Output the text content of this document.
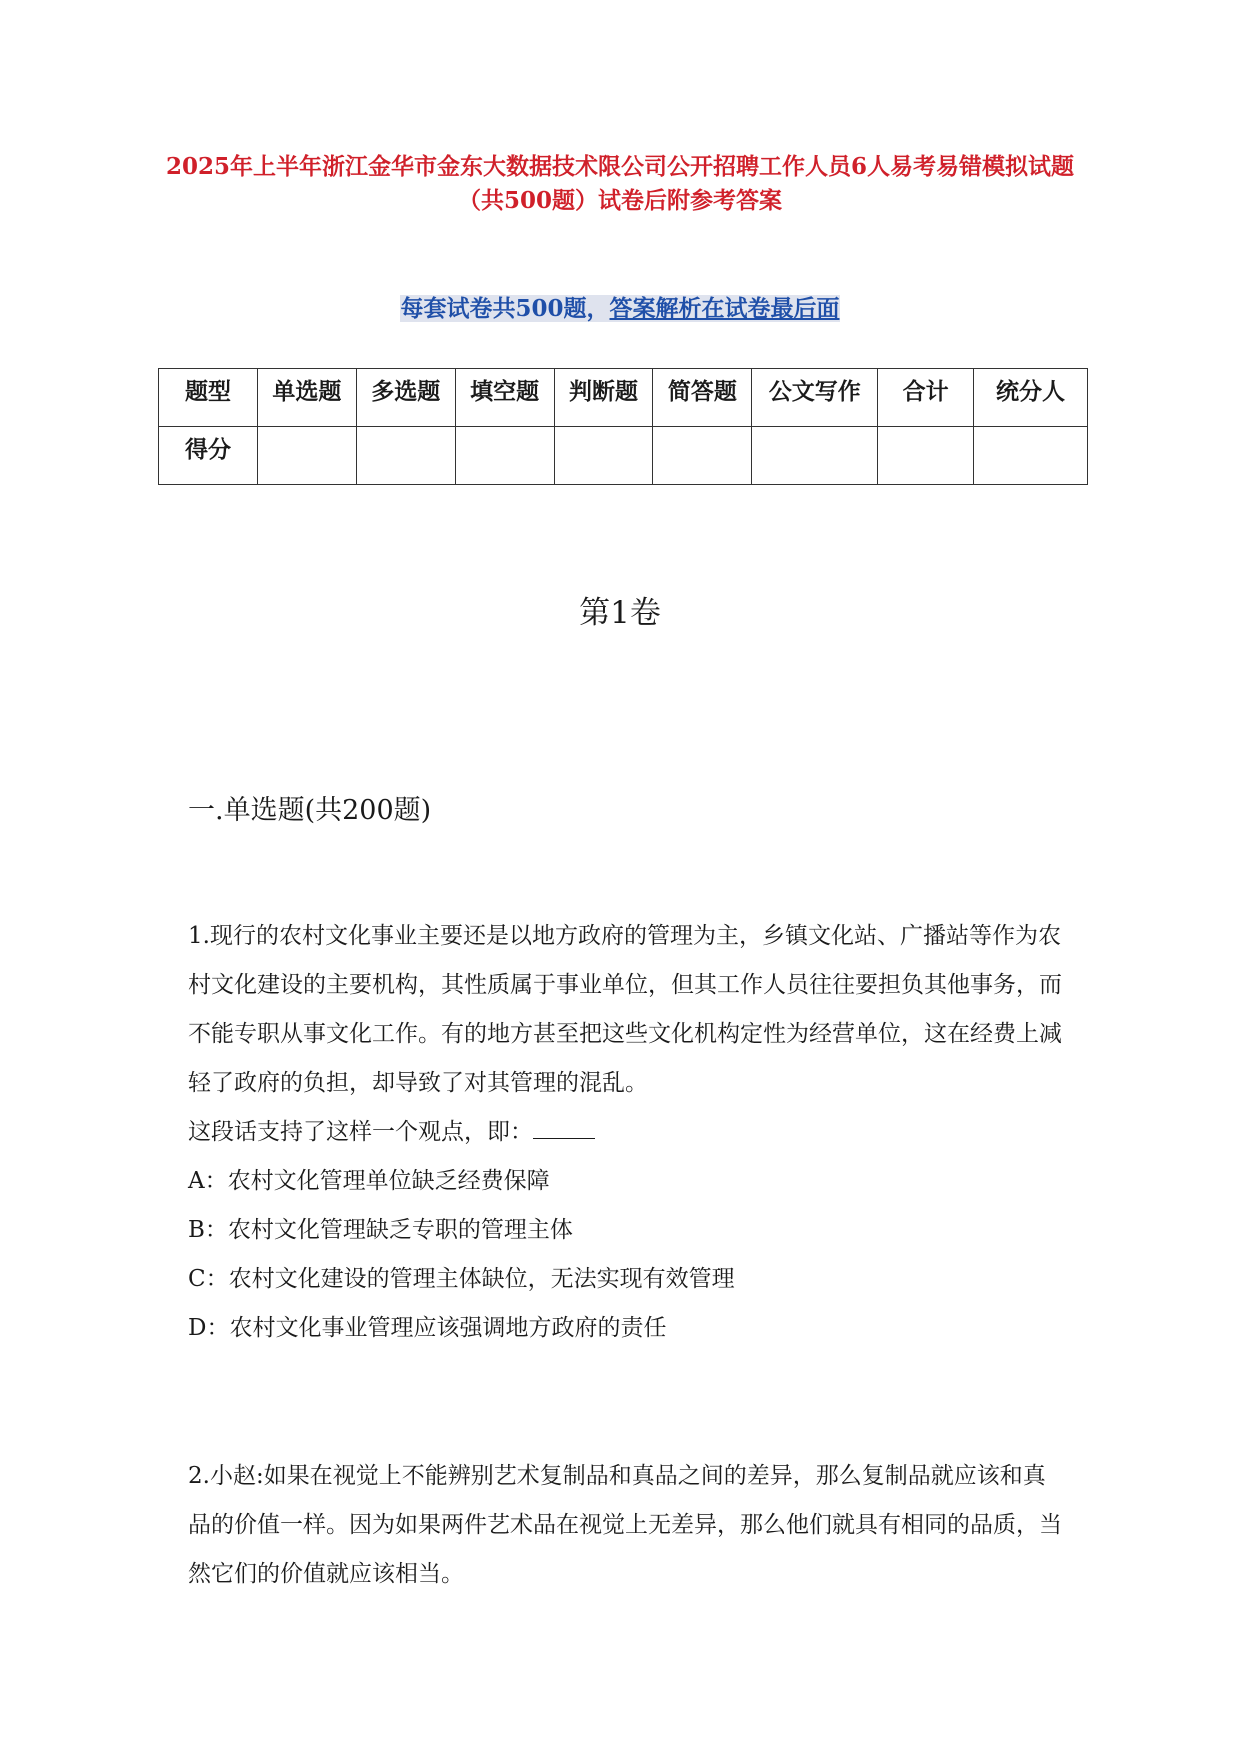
2025年上半年浙江金华市金东大数据技术限公司公开招聘工作人员6人易考易错模拟试题（共500题）试卷后附参考答案
每套试卷共500题，答案解析在试卷最后面
题型	单选题	多选题	填空题	判断题	简答题	公文写作	合计	统分人
得分								
第1卷
一.单选题(共200题)

1.现行的农村文化事业主要还是以地方政府的管理为主，乡镇文化站、广播站等作为农村文化建设的主要机构，其性质属于事业单位，但其工作人员往往要担负其他事务，而不能专职从事文化工作。有的地方甚至把这些文化机构定性为经营单位，这在经费上减轻了政府的负担，却导致了对其管理的混乱。

这段话支持了这样一个观点，即：

A：农村文化管理单位缺乏经费保障

B：农村文化管理缺乏专职的管理主体

C：农村文化建设的管理主体缺位，无法实现有效管理

D：农村文化事业管理应该强调地方政府的责任

2.小赵:如果在视觉上不能辨别艺术复制品和真品之间的差异，那么复制品就应该和真品的价值一样。因为如果两件艺术品在视觉上无差异，那么他们就具有相同的品质，当然它们的价值就应该相当。
